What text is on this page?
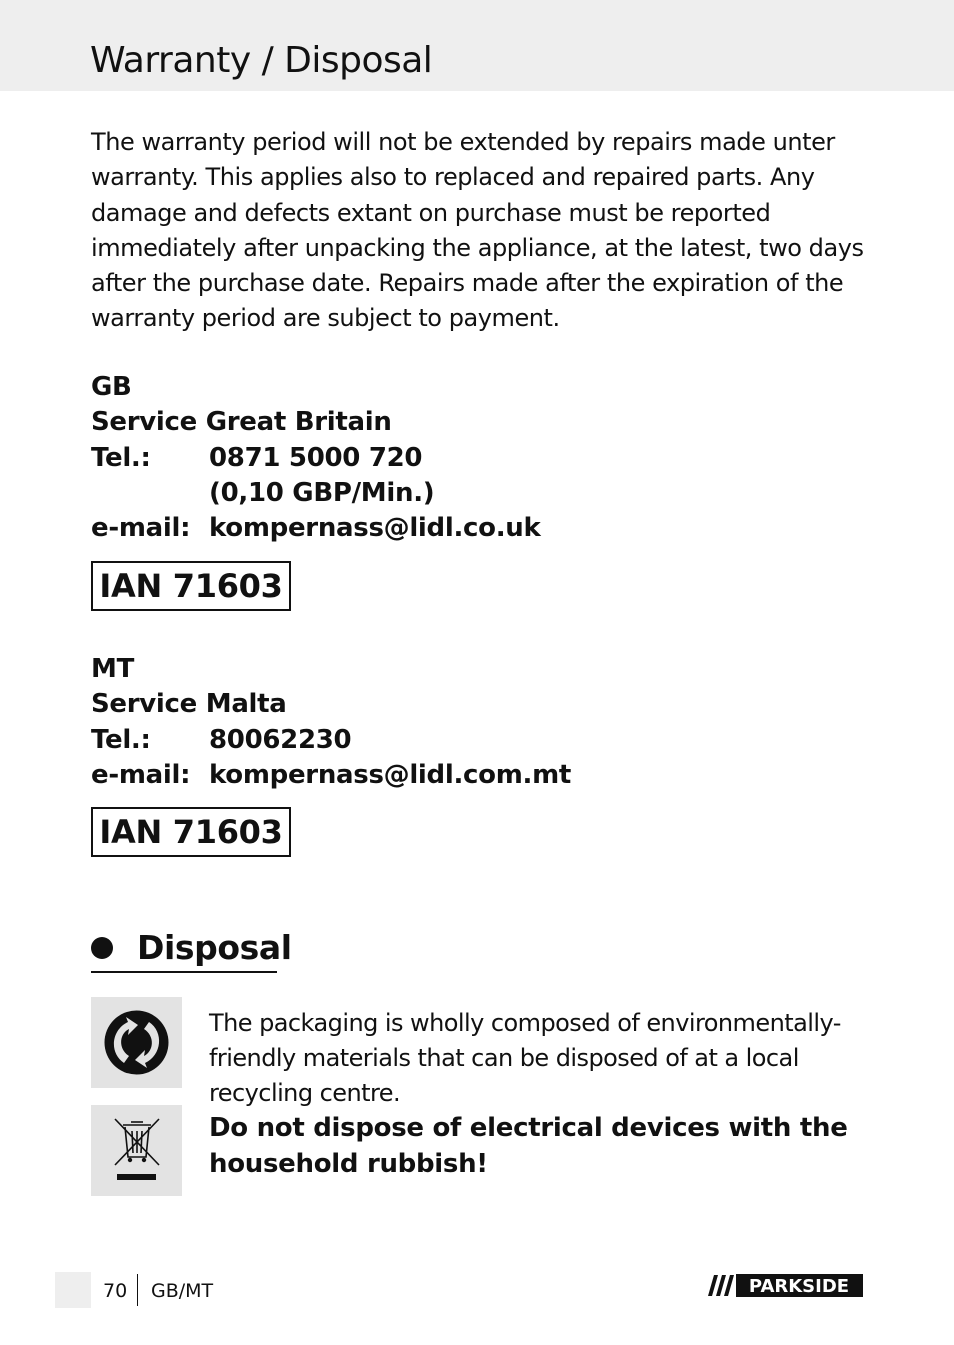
Warranty / Disposal

The warranty period will not be extended by repairs made unter warranty. This applies also to replaced and repaired parts. Any damage and defects extant on purchase must be reported immediately after unpacking the appliance, at the latest, two days after the purchase date. Repairs made after the expiration of the warranty period are subject to payment.

GB
Service Great Britain
Tel.:	0871 5000 720
(0,10 GBP/Min.)
e-mail: kompernass@lidl.co.uk
IAN 71603
MT
Service Malta
Tel.:	80062230
e-mail: kompernass@lidl.com.mt
IAN 71603
Disposal

The packaging is wholly composed of environmentally-friendly materials that can be disposed of at a local recycling centre.

Do not dispose of electrical devices with the household rubbish!

70 GB/MT	PARKSIDE
